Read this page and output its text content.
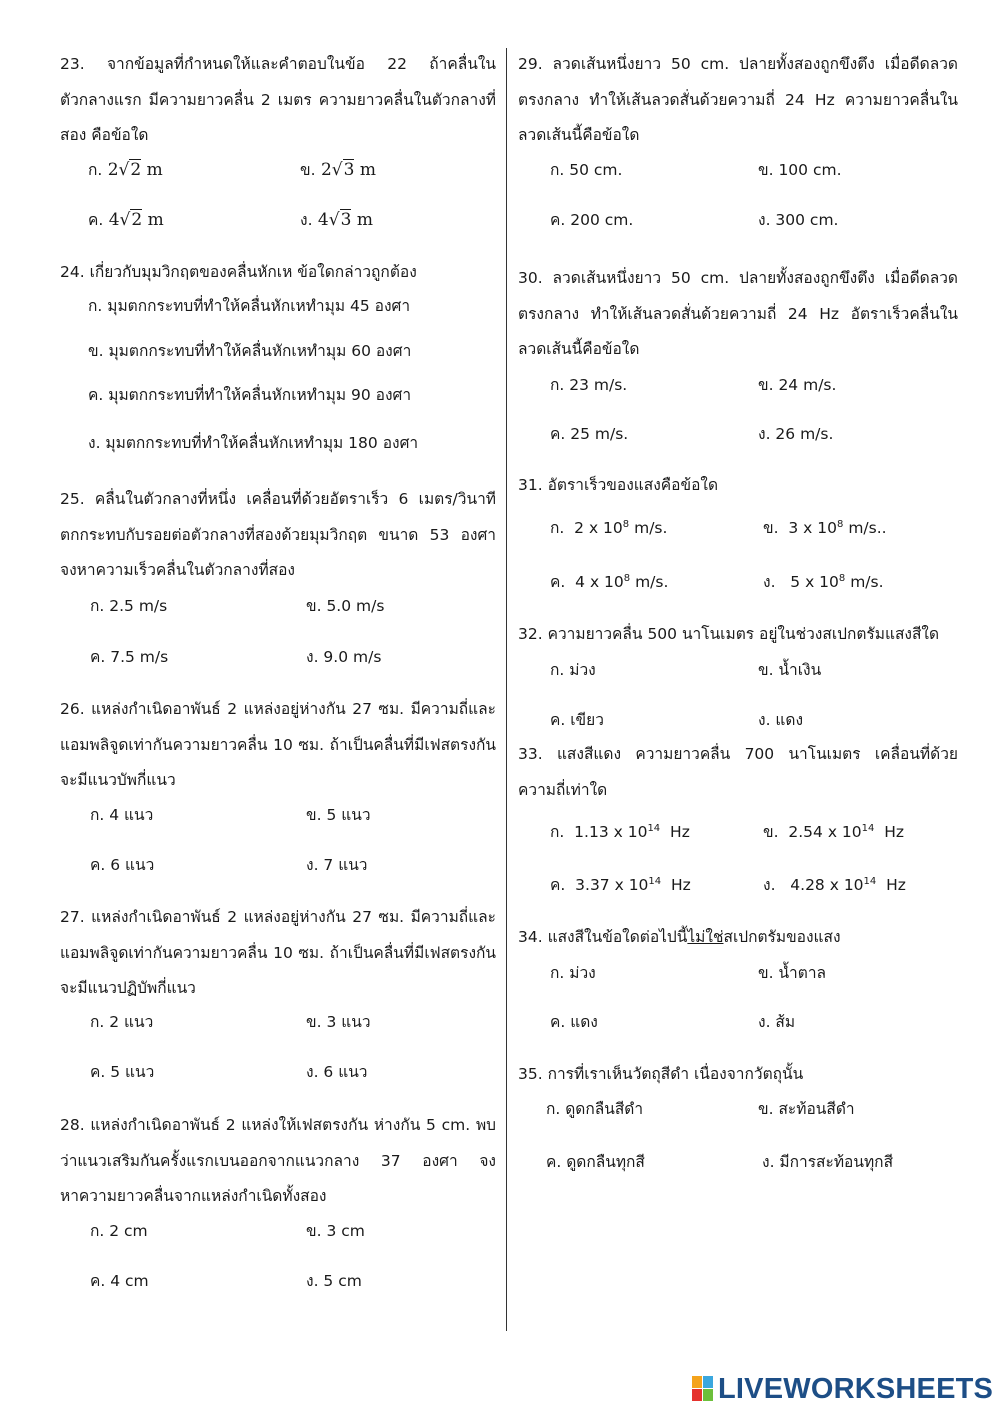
23. จากข้อมูลที่กำหนดให้และคำตอบในข้อ 22 ถ้าคลื่นในตัวกลางแรก มีความยาวคลื่น 2 เมตร ความยาวคลื่นในตัวกลางที่สอง คือข้อใด
ก. 2√2 m	ข. 2√3 m
ค. 4√2 m	ง. 4√3 m
24. เกี่ยวกับมุมวิกฤตของคลื่นหักเห ข้อใดกล่าวถูกต้อง
ก. มุมตกกระทบที่ทำให้คลื่นหักเหทำมุม 45 องศา
ข. มุมตกกระทบที่ทำให้คลื่นหักเหทำมุม 60 องศา
ค. มุมตกกระทบที่ทำให้คลื่นหักเหทำมุม 90 องศา
ง. มุมตกกระทบที่ทำให้คลื่นหักเหทำมุม 180 องศา
25. คลื่นในตัวกลางที่หนึ่ง เคลื่อนที่ด้วยอัตราเร็ว 6 เมตร/วินาที ตกกระทบกับรอยต่อตัวกลางที่สองด้วยมุมวิกฤต ขนาด 53 องศา จงหาความเร็วคลื่นในตัวกลางที่สอง
ก. 2.5 m/s	ข. 5.0 m/s
ค. 7.5 m/s	ง. 9.0 m/s
26. แหล่งกำเนิดอาพันธ์ 2 แหล่งอยู่ห่างกัน 27 ซม. มีความถี่และแอมพลิจูดเท่ากันความยาวคลื่น 10 ซม. ถ้าเป็นคลื่นที่มีเฟสตรงกัน จะมีแนวบัพกี่แนว
ก. 4 แนว	ข. 5 แนว
ค. 6 แนว	ง. 7 แนว
27. แหล่งกำเนิดอาพันธ์ 2 แหล่งอยู่ห่างกัน 27 ซม. มีความถี่และแอมพลิจูดเท่ากันความยาวคลื่น 10 ซม. ถ้าเป็นคลื่นที่มีเฟสตรงกัน จะมีแนวปฏิบัพกี่แนว
ก. 2 แนว	ข. 3 แนว
ค. 5 แนว	ง. 6 แนว
28. แหล่งกำเนิดอาพันธ์ 2 แหล่งให้เฟสตรงกัน ห่างกัน 5 cm. พบว่าแนวเสริมกันครั้งแรกเบนออกจากแนวกลาง 37 องศา จงหาความยาวคลื่นจากแหล่งกำเนิดทั้งสอง
ก. 2 cm	ข. 3 cm
ค. 4 cm	ง. 5 cm
29. ลวดเส้นหนึ่งยาว 50 cm. ปลายทั้งสองถูกขึงตึง เมื่อดีดลวดตรงกลาง ทำให้เส้นลวดสั่นด้วยความถี่ 24 Hz ความยาวคลื่นในลวดเส้นนี้คือข้อใด
ก. 50 cm.	ข. 100 cm.
ค. 200 cm.	ง. 300 cm.
30. ลวดเส้นหนึ่งยาว 50 cm. ปลายทั้งสองถูกขึงตึง เมื่อดีดลวดตรงกลาง ทำให้เส้นลวดสั่นด้วยความถี่ 24 Hz อัตราเร็วคลื่นในลวดเส้นนี้คือข้อใด
ก. 23 m/s.	ข. 24 m/s.
ค. 25 m/s.	ง. 26 m/s.
31. อัตราเร็วของแสงคือข้อใด
ก. 2 x $10^8$ m/s.	ข. 3 x $10^8$ m/s..
ค. 4 x $10^8$ m/s.	ง. 5 x $10^8$ m/s.
32. ความยาวคลื่น 500 นาโนเมตร อยู่ในช่วงสเปกตรัมแสงสีใด
ก. ม่วง	ข. น้ำเงิน
ค. เขียว	ง. แดง
33. แสงสีแดง ความยาวคลื่น 700 นาโนเมตร เคลื่อนที่ด้วยความถี่เท่าใด
ก. 1.13 x $10^{14}$  Hz	ข. 2.54 x $10^{14}$  Hz
ค. 3.37 x $10^{14}$  Hz	ง. 4.28 x $10^{14}$  Hz
34. แสงสีในข้อใดต่อไปนี้ไม่ใช่สเปกตรัมของแสง
ก. ม่วง	ข. น้ำตาล
ค. แดง	ง. ส้ม
35. การที่เราเห็นวัตถุสีดำ เนื่องจากวัตถุนั้น
ก. ดูดกลืนสีดำ	ข. สะท้อนสีดำ
ค. ดูดกลืนทุกสี	ง. มีการสะท้อนทุกสี
LIVEWORKSHEETS
